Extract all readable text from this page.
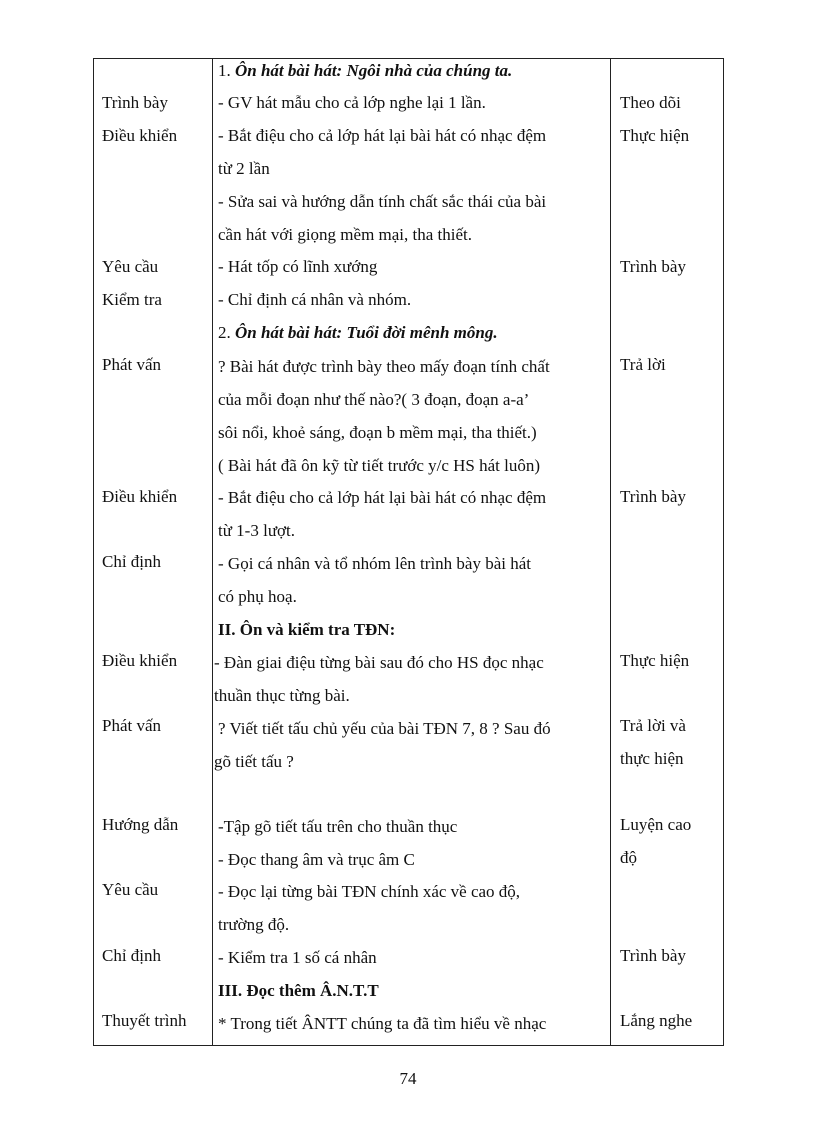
Trình bày
Điều khiển
Yêu cầu
Kiểm tra
Phát vấn
Điều khiển
Chỉ định
Điều khiển
Phát vấn
Hướng dẫn
Yêu cầu
Chỉ định
Thuyết trình
1. Ôn hát bài hát: Ngôi nhà của chúng ta.
- GV hát mẫu cho cả lớp nghe lại 1 lần.
- Bắt điệu cho cả lớp hát lại bài hát có nhạc đệm
từ 2 lần
- Sửa sai và hướng dẫn tính chất sắc thái của bài
cần hát với giọng mềm mại, tha thiết.
- Hát tốp có lĩnh xướng
- Chỉ định cá nhân và nhóm.
2. Ôn hát bài hát: Tuổi đời mênh mông.
? Bài hát được trình bày theo mấy đoạn tính chất
của mỗi đoạn như thế nào?( 3 đoạn, đoạn a-a’
sôi nổi, khoẻ sáng, đoạn b mềm mại, tha thiết.)
( Bài hát đã ôn kỹ từ tiết trước y/c HS hát luôn)
- Bắt điệu cho cả lớp hát lại bài hát có nhạc đệm
từ 1-3 lượt.
- Gọi cá nhân và tổ nhóm lên trình bày bài hát
có phụ hoạ.
II. Ôn và kiểm tra TĐN:
- Đàn giai điệu từng bài sau đó cho HS đọc nhạc
thuần thục từng bài.
? Viết tiết tấu chủ yếu của bài TĐN 7, 8 ? Sau đó
gõ tiết tấu ?
-Tập gõ tiết tấu trên cho thuần thục
- Đọc thang âm và trục âm C
- Đọc lại từng bài TĐN chính xác về cao độ,
trường độ.
- Kiểm tra 1 số cá nhân
III. Đọc thêm Â.N.T.T
* Trong tiết ÂNTT chúng ta đã tìm hiểu về nhạc
Theo dõi
Thực hiện
Trình bày
Trả lời
Trình bày
Thực hiện
Trả lời và
thực hiện
Luyện cao
độ
Trình bày
Lắng nghe
74
